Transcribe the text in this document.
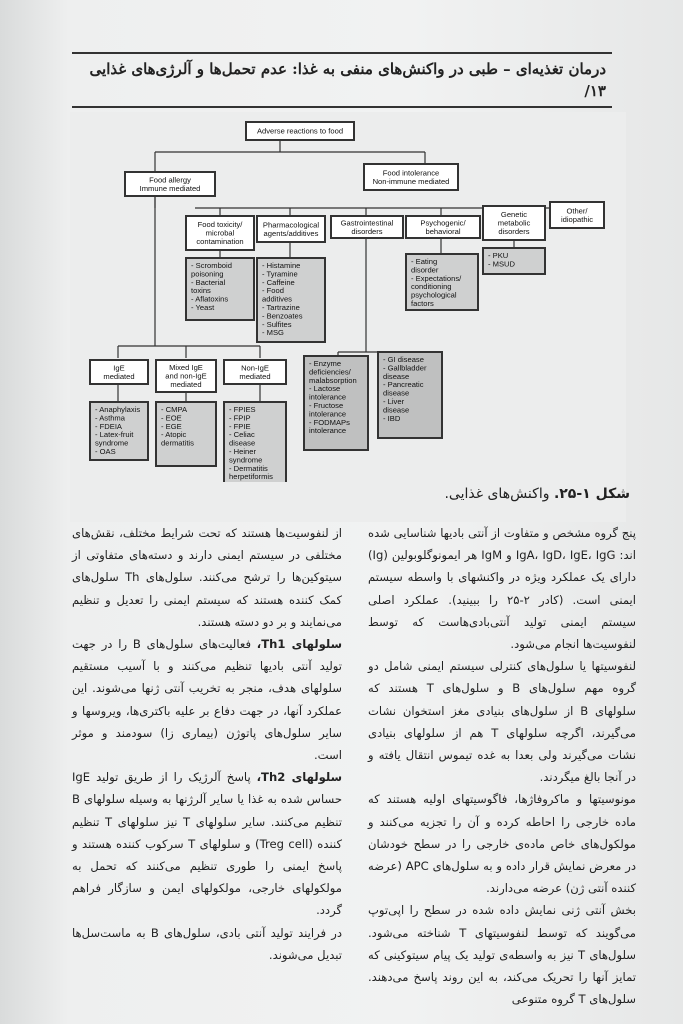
درمان تغذیه‌ای – طبی در واکنش‌های منفی به غذا: عدم تحمل‌ها و آلرژی‌های غذایی
۱۳/
Adverse reactions to food
Food allergy
Immune mediated
Food intolerance
Non-immune mediated
Food toxicity/
microbal
contamination
Pharmacological
agents/additives
Gastrointestinal
disorders
Psychogenic/
behavioral
Genetic
metabolic
disorders
Other/
idiopathic
- Scromboid
poisoning
- Bacterial
toxins
- Aflatoxins
- Yeast
- Histamine
- Tyramine
- Caffeine
- Food
additives
- Tartrazine
- Benzoates
- Sulfites
- MSG
- Eating
disorder
- Expectations/
conditioning
psychological
factors
- PKU
- MSUD
- Enzyme
deficiencies/
malabsorption
- Lactose
intolerance
- Fructose
intolerance
- FODMAPs
intolerance
- GI disease
- Gallbladder
disease
- Pancreatic
disease
- Liver
disease
- IBD
IgE
mediated
Mixed IgE
and non-IgE
mediated
Non-IgE
mediated
- Anaphylaxis
- Asthma
- FDEIA
- Latex-fruit
syndrome
- OAS
- CMPA
- EOE
- EGE
- Atopic
dermatitis
- FPIES
- FPIP
- FPIE
- Celiac
disease
- Heiner
syndrome
- Dermatitis
herpetiformis
شکل ۱-۲۵. واکنش‌های غذایی.

پنج گروه مشخص و متفاوت از آنتی بادیها شناسایی شده اند: IgA، IgD، IgE، IgG و IgM هر ایمونوگلوبولین (Ig) دارای یک عملکرد ویژه در واکنشهای با واسطه سیستم ایمنی است. (کادر ۲-۲۵ را ببینید). عملکرد اصلی سیستم ایمنی تولید آنتی‌بادی‌هاست که توسط لنفوسیت‌ها انجام می‌شود.

لنفوسیتها یا سلول‌های کنترلی سیستم ایمنی شامل دو گروه مهم سلول‌های B و سلول‌های T هستند که سلولهای B از سلول‌های بنیادی مغز استخوان نشات می‌گیرند، اگرچه سلولهای T هم از سلولهای بنیادی نشات می‌گیرند ولی بعدا به غده تیموس انتقال یافته و در آنجا بالغ میگردند.

مونوسیتها و ماکروفاژها، فاگوسیتهای اولیه هستند که ماده خارجی را احاطه کرده و آن را تجزیه می‌کنند و مولکول‌های خاص ماده‌ی خارجی را در سطح خودشان در معرض نمایش قرار داده و به سلول‌های APC (عرضه کننده آنتی ژن) عرضه می‌دارند.

بخش آنتی ژنی نمایش داده شده در سطح را اپی‌توپ می‌گویند که توسط لنفوسیتهای T شناخته می‌شود. سلول‌های T نیز به واسطه‌ی تولید یک پیام سیتوکینی که تمایز آنها را تحریک می‌کند، به این روند پاسخ می‌دهند. سلول‌های T گروه متنوعی

از لنفوسیت‌ها هستند که تحت شرایط مختلف، نقش‌های مختلفی در سیستم ایمنی دارند و دسته‌های متفاوتی از سیتوکین‌ها را ترشح می‌کنند. سلول‌های Th سلول‌های کمک کننده هستند که سیستم ایمنی را تعدیل و تنظیم می‌نمایند و بر دو دسته هستند.

سلولهای Th1، فعالیت‌های سلول‌های B را در جهت تولید آنتی بادیها تنظیم می‌کنند و با آسیب مستقیم سلولهای هدف، منجر به تخریب آنتی ژنها می‌شوند. این عملکرد آنها، در جهت دفاع بر علیه باکتری‌ها، ویروسها و سایر سلول‌های پاتوژن (بیماری زا) سودمند و موثر است.

سلولهای Th2، پاسخ آلرژیک را از طریق تولید IgE حساس شده به غذا یا سایر آلرژنها به وسیله سلولهای B تنظیم می‌کنند. سایر سلولهای T نیز سلولهای T تنظیم کننده (Treg cell) و سلولهای T سرکوب کننده هستند و پاسخ ایمنی را طوری تنظیم می‌کنند که تحمل به مولکولهای خارجی، مولکولهای ایمن و سازگار فراهم گردد.

در فرایند تولید آنتی بادی، سلول‌های B به ماست‌سل‌ها تبدیل می‌شوند.
